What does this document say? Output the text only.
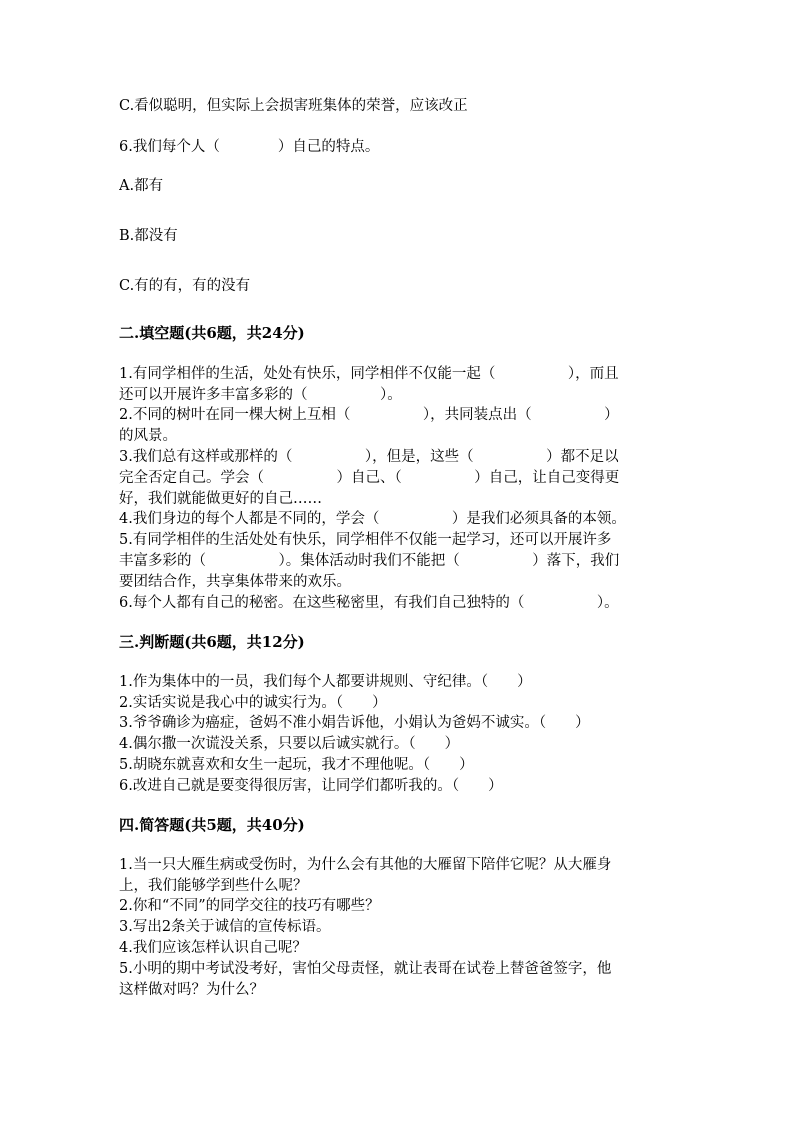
C.看似聪明，但实际上会损害班集体的荣誉，应该改正
6.我们每个人（　　　　）自己的特点。
A.都有
B.都没有
C.有的有，有的没有
二.填空题(共6题，共24分)
1.有同学相伴的生活，处处有快乐，同学相伴不仅能一起（　　　　　），而且
还可以开展许多丰富多彩的（　　　　　）。
2.不同的树叶在同一棵大树上互相（　　　　　），共同装点出（　　　　　）
的风景。
3.我们总有这样或那样的（　　　　　），但是，这些（　　　　　）都不足以
完全否定自己。学会（　　　　　）自己、（　　　　　）自己，让自己变得更
好，我们就能做更好的自己……
4.我们身边的每个人都是不同的，学会（　　　　　）是我们必须具备的本领。
5.有同学相伴的生活处处有快乐，同学相伴不仅能一起学习，还可以开展许多
丰富多彩的（　　　　　）。集体活动时我们不能把（　　　　　）落下，我们
要团结合作，共享集体带来的欢乐。
6.每个人都有自己的秘密。在这些秘密里，有我们自己独特的（　　　　　）。
三.判断题(共6题，共12分)
1.作为集体中的一员，我们每个人都要讲规则、守纪律。（　　）
2.实话实说是我心中的诚实行为。（　　）
3.爷爷确诊为癌症，爸妈不准小娟告诉他，小娟认为爸妈不诚实。（　　）
4.偶尔撒一次谎没关系，只要以后诚实就行。（　　）
5.胡晓东就喜欢和女生一起玩，我才不理他呢。（　　）
6.改进自己就是要变得很厉害，让同学们都听我的。（　　）
四.简答题(共5题，共40分)
1.当一只大雁生病或受伤时，为什么会有其他的大雁留下陪伴它呢？从大雁身
上，我们能够学到些什么呢？
2.你和“不同”的同学交往的技巧有哪些？
3.写出2条关于诚信的宣传标语。
4.我们应该怎样认识自己呢？
5.小明的期中考试没考好，害怕父母责怪，就让表哥在试卷上替爸爸签字，他
这样做对吗？为什么？
